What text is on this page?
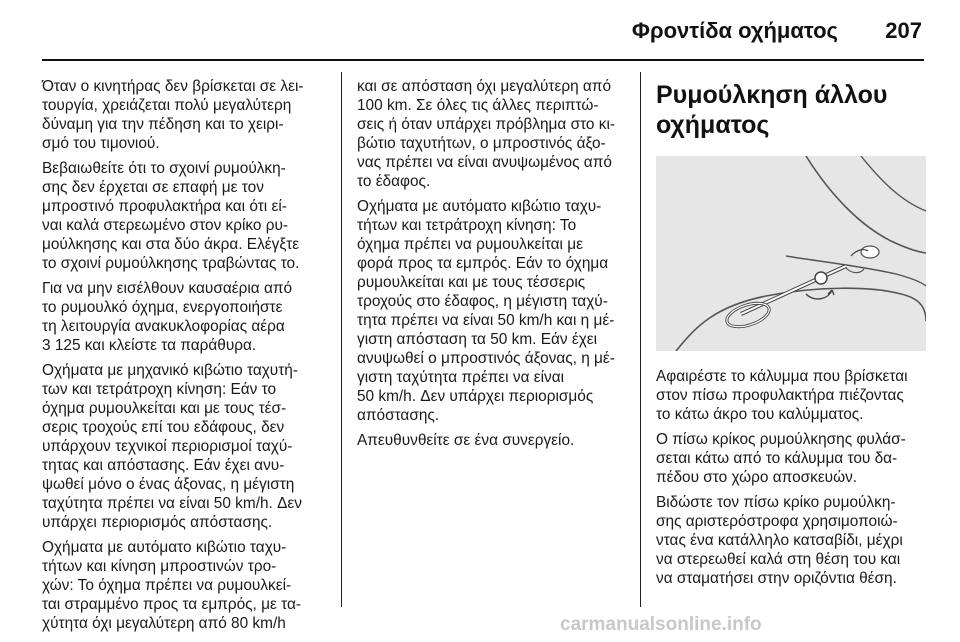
Φροντίδα οχήματος 207

Όταν ο κινητήρας δεν βρίσκεται σε λει-
τουργία, χρειάζεται πολύ μεγαλύτερη
δύναμη για την πέδηση και το χειρι-
σμό του τιμονιού.

Βεβαιωθείτε ότι το σχοινί ρυμούλκη-
σης δεν έρχεται σε επαφή με τον
μπροστινό προφυλακτήρα και ότι εί-
ναι καλά στερεωμένο στον κρίκο ρυ-
μούλκησης και στα δύο άκρα. Ελέγξτε
το σχοινί ρυμούλκησης τραβώντας το.

Για να μην εισέλθουν καυσαέρια από
το ρυμουλκό όχημα, ενεργοποιήστε
τη λειτουργία ανακυκλοφορίας αέρα
3 125 και κλείστε τα παράθυρα.

Οχήματα με μηχανικό κιβώτιο ταχυτή-
των και τετράτροχη κίνηση: Εάν το
όχημα ρυμουλκείται και με τους τέσ-
σερις τροχούς επί του εδάφους, δεν
υπάρχουν τεχνικοί περιορισμοί ταχύ-
τητας και απόστασης. Εάν έχει ανυ-
ψωθεί μόνο ο ένας άξονας, η μέγιστη
ταχύτητα πρέπει να είναι 50 km/h. Δεν
υπάρχει περιορισμός απόστασης.

Οχήματα με αυτόματο κιβώτιο ταχυ-
τήτων και κίνηση μπροστινών τρο-
χών: Το όχημα πρέπει να ρυμουλκεί-
ται στραμμένο προς τα εμπρός, με τα-
χύτητα όχι μεγαλύτερη από 80 km/h

και σε απόσταση όχι μεγαλύτερη από
100 km. Σε όλες τις άλλες περιπτώ-
σεις ή όταν υπάρχει πρόβλημα στο κι-
βώτιο ταχυτήτων, ο μπροστινός άξο-
νας πρέπει να είναι ανυψωμένος από
το έδαφος.

Οχήματα με αυτόματο κιβώτιο ταχυ-
τήτων και τετράτροχη κίνηση: Το
όχημα πρέπει να ρυμουλκείται με
φορά προς τα εμπρός. Εάν το όχημα
ρυμουλκείται και με τους τέσσερις
τροχούς στο έδαφος, η μέγιστη ταχύ-
τητα πρέπει να είναι 50 km/h και η μέ-
γιστη απόσταση τα 50 km. Εάν έχει
ανυψωθεί ο μπροστινός άξονας, η μέ-
γιστη ταχύτητα πρέπει να είναι
50 km/h. Δεν υπάρχει περιορισμός
απόστασης.

Απευθυνθείτε σε ένα συνεργείο.

Ρυμούλκηση άλλου
οχήματος

Αφαιρέστε το κάλυμμα που βρίσκεται
στον πίσω προφυλακτήρα πιέζοντας
το κάτω άκρο του καλύμματος.

Ο πίσω κρίκος ρυμούλκησης φυλάσ-
σεται κάτω από το κάλυμμα του δα-
πέδου στο χώρο αποσκευών.

Βιδώστε τον πίσω κρίκο ρυμούλκη-
σης αριστερόστροφα χρησιμοποιώ-
ντας ένα κατάλληλο κατσαβίδι, μέχρι
να στερεωθεί καλά στη θέση του και
να σταματήσει στην οριζόντια θέση.

carmanualsonline.info
